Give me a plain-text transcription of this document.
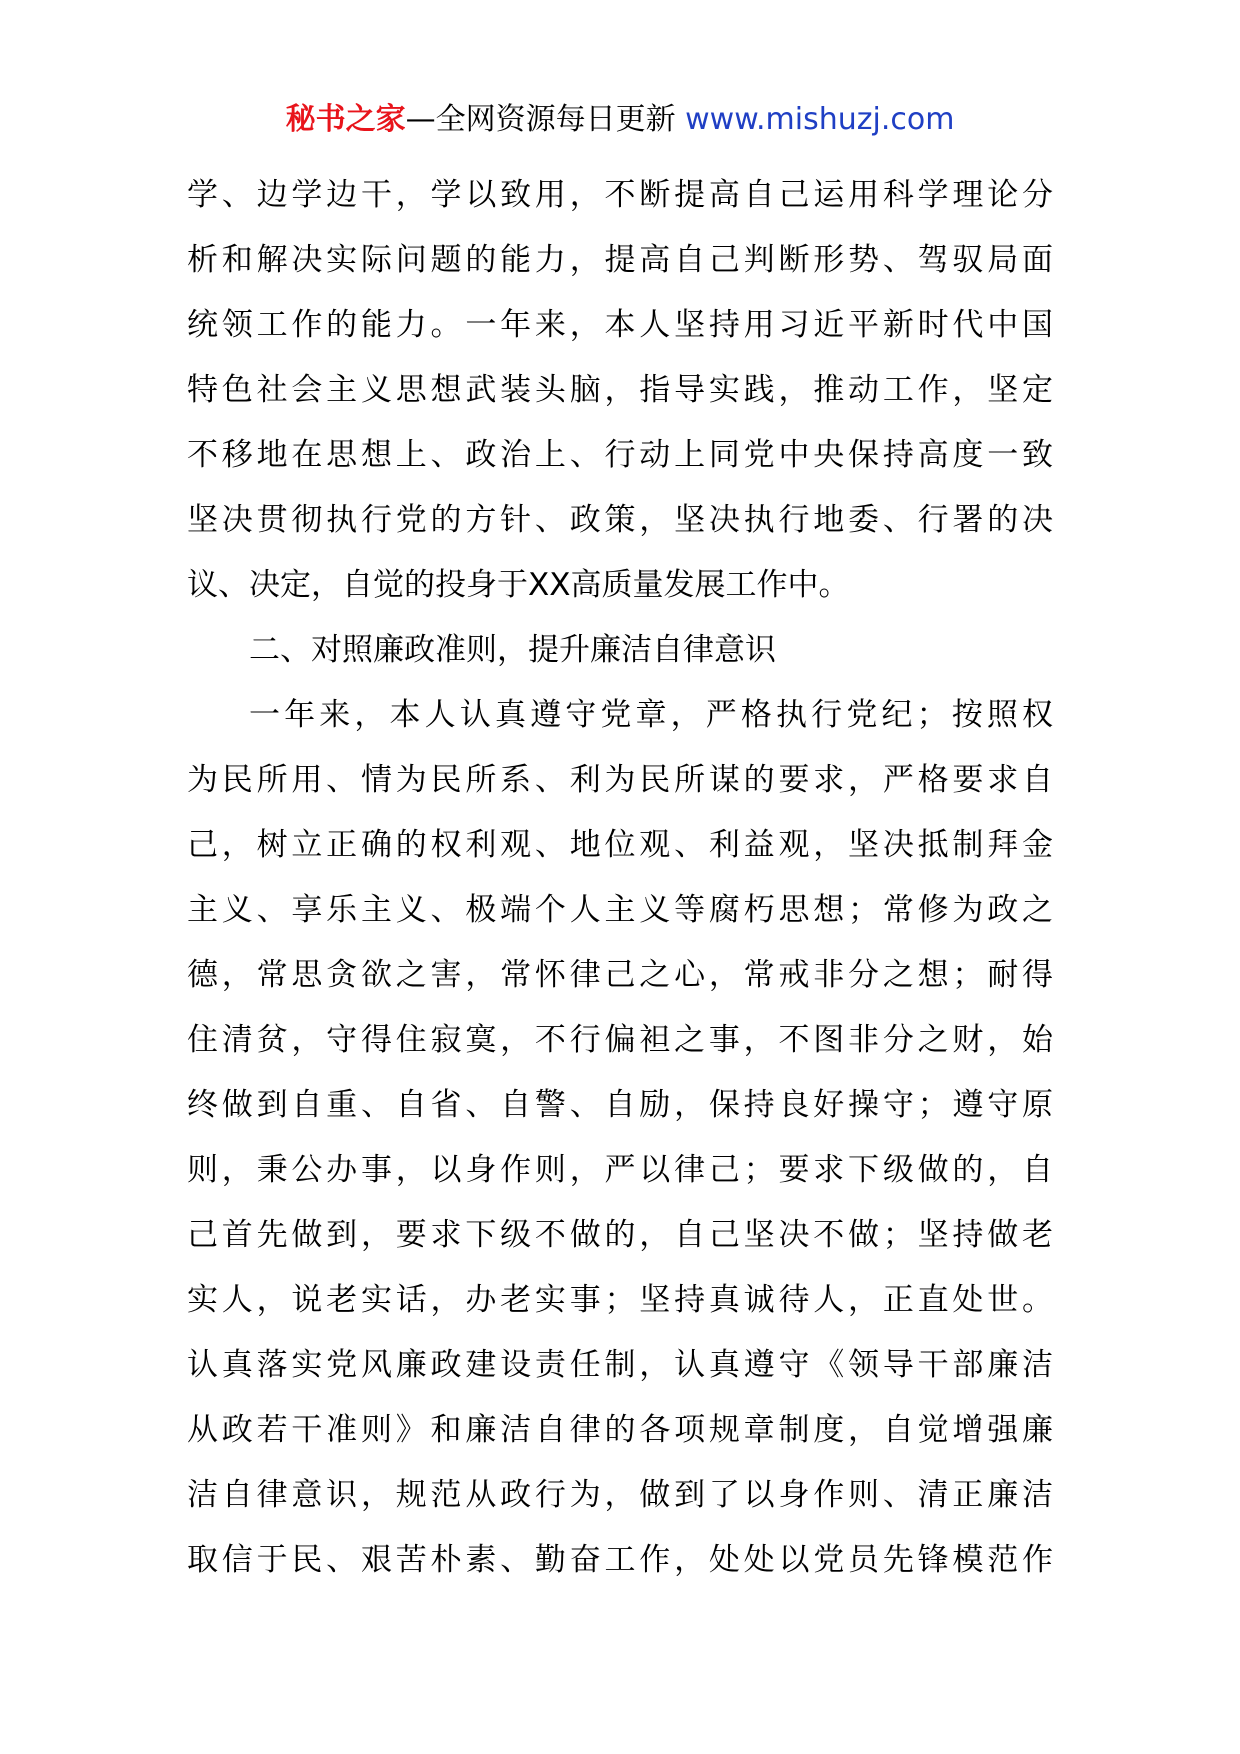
秘书之家—全网资源每日更新 www.mishuzj.com
学、边学边干，学以致用，不断提高自己运用科学理论分
析和解决实际问题的能力，提高自己判断形势、驾驭局面
统领工作的能力。一年来，本人坚持用习近平新时代中国
特色社会主义思想武装头脑，指导实践，推动工作，坚定
不移地在思想上、政治上、行动上同党中央保持高度一致
坚决贯彻执行党的方针、政策，坚决执行地委、行署的决
议、决定，自觉的投身于XX高质量发展工作中。
二、对照廉政准则，提升廉洁自律意识
一年来，本人认真遵守党章，严格执行党纪；按照权
为民所用、情为民所系、利为民所谋的要求，严格要求自
己，树立正确的权利观、地位观、利益观，坚决抵制拜金
主义、享乐主义、极端个人主义等腐朽思想；常修为政之
德，常思贪欲之害，常怀律己之心，常戒非分之想；耐得
住清贫，守得住寂寞，不行偏袒之事，不图非分之财，始
终做到自重、自省、自警、自励，保持良好操守；遵守原
则，秉公办事，以身作则，严以律己；要求下级做的，自
己首先做到，要求下级不做的，自己坚决不做；坚持做老
实人，说老实话，办老实事；坚持真诚待人，正直处世。
认真落实党风廉政建设责任制，认真遵守《领导干部廉洁
从政若干准则》和廉洁自律的各项规章制度，自觉增强廉
洁自律意识，规范从政行为，做到了以身作则、清正廉洁
取信于民、艰苦朴素、勤奋工作，处处以党员先锋模范作
